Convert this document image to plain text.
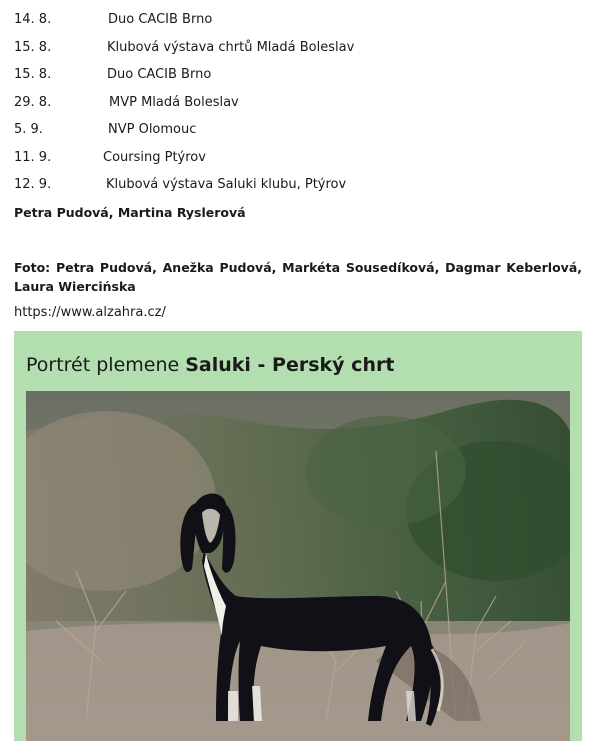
14. 8.	Duo CACIB Brno
15. 8.	Klubová výstava chrtů Mladá Boleslav
15. 8.	Duo CACIB Brno
29. 8.	MVP Mladá Boleslav
5. 9.	NVP Olomouc
11. 9.	Coursing Ptýrov
12. 9.	Klubová výstava Saluki klubu, Ptýrov
Petra Pudová, Martina Ryslerová
Foto: Petra Pudová, Anežka Pudová, Markéta Sousedíková, Dagmar Keberlová, Laura Wiercińska
https://www.alzahra.cz/
Portrét plemene Saluki - Perský chrt
